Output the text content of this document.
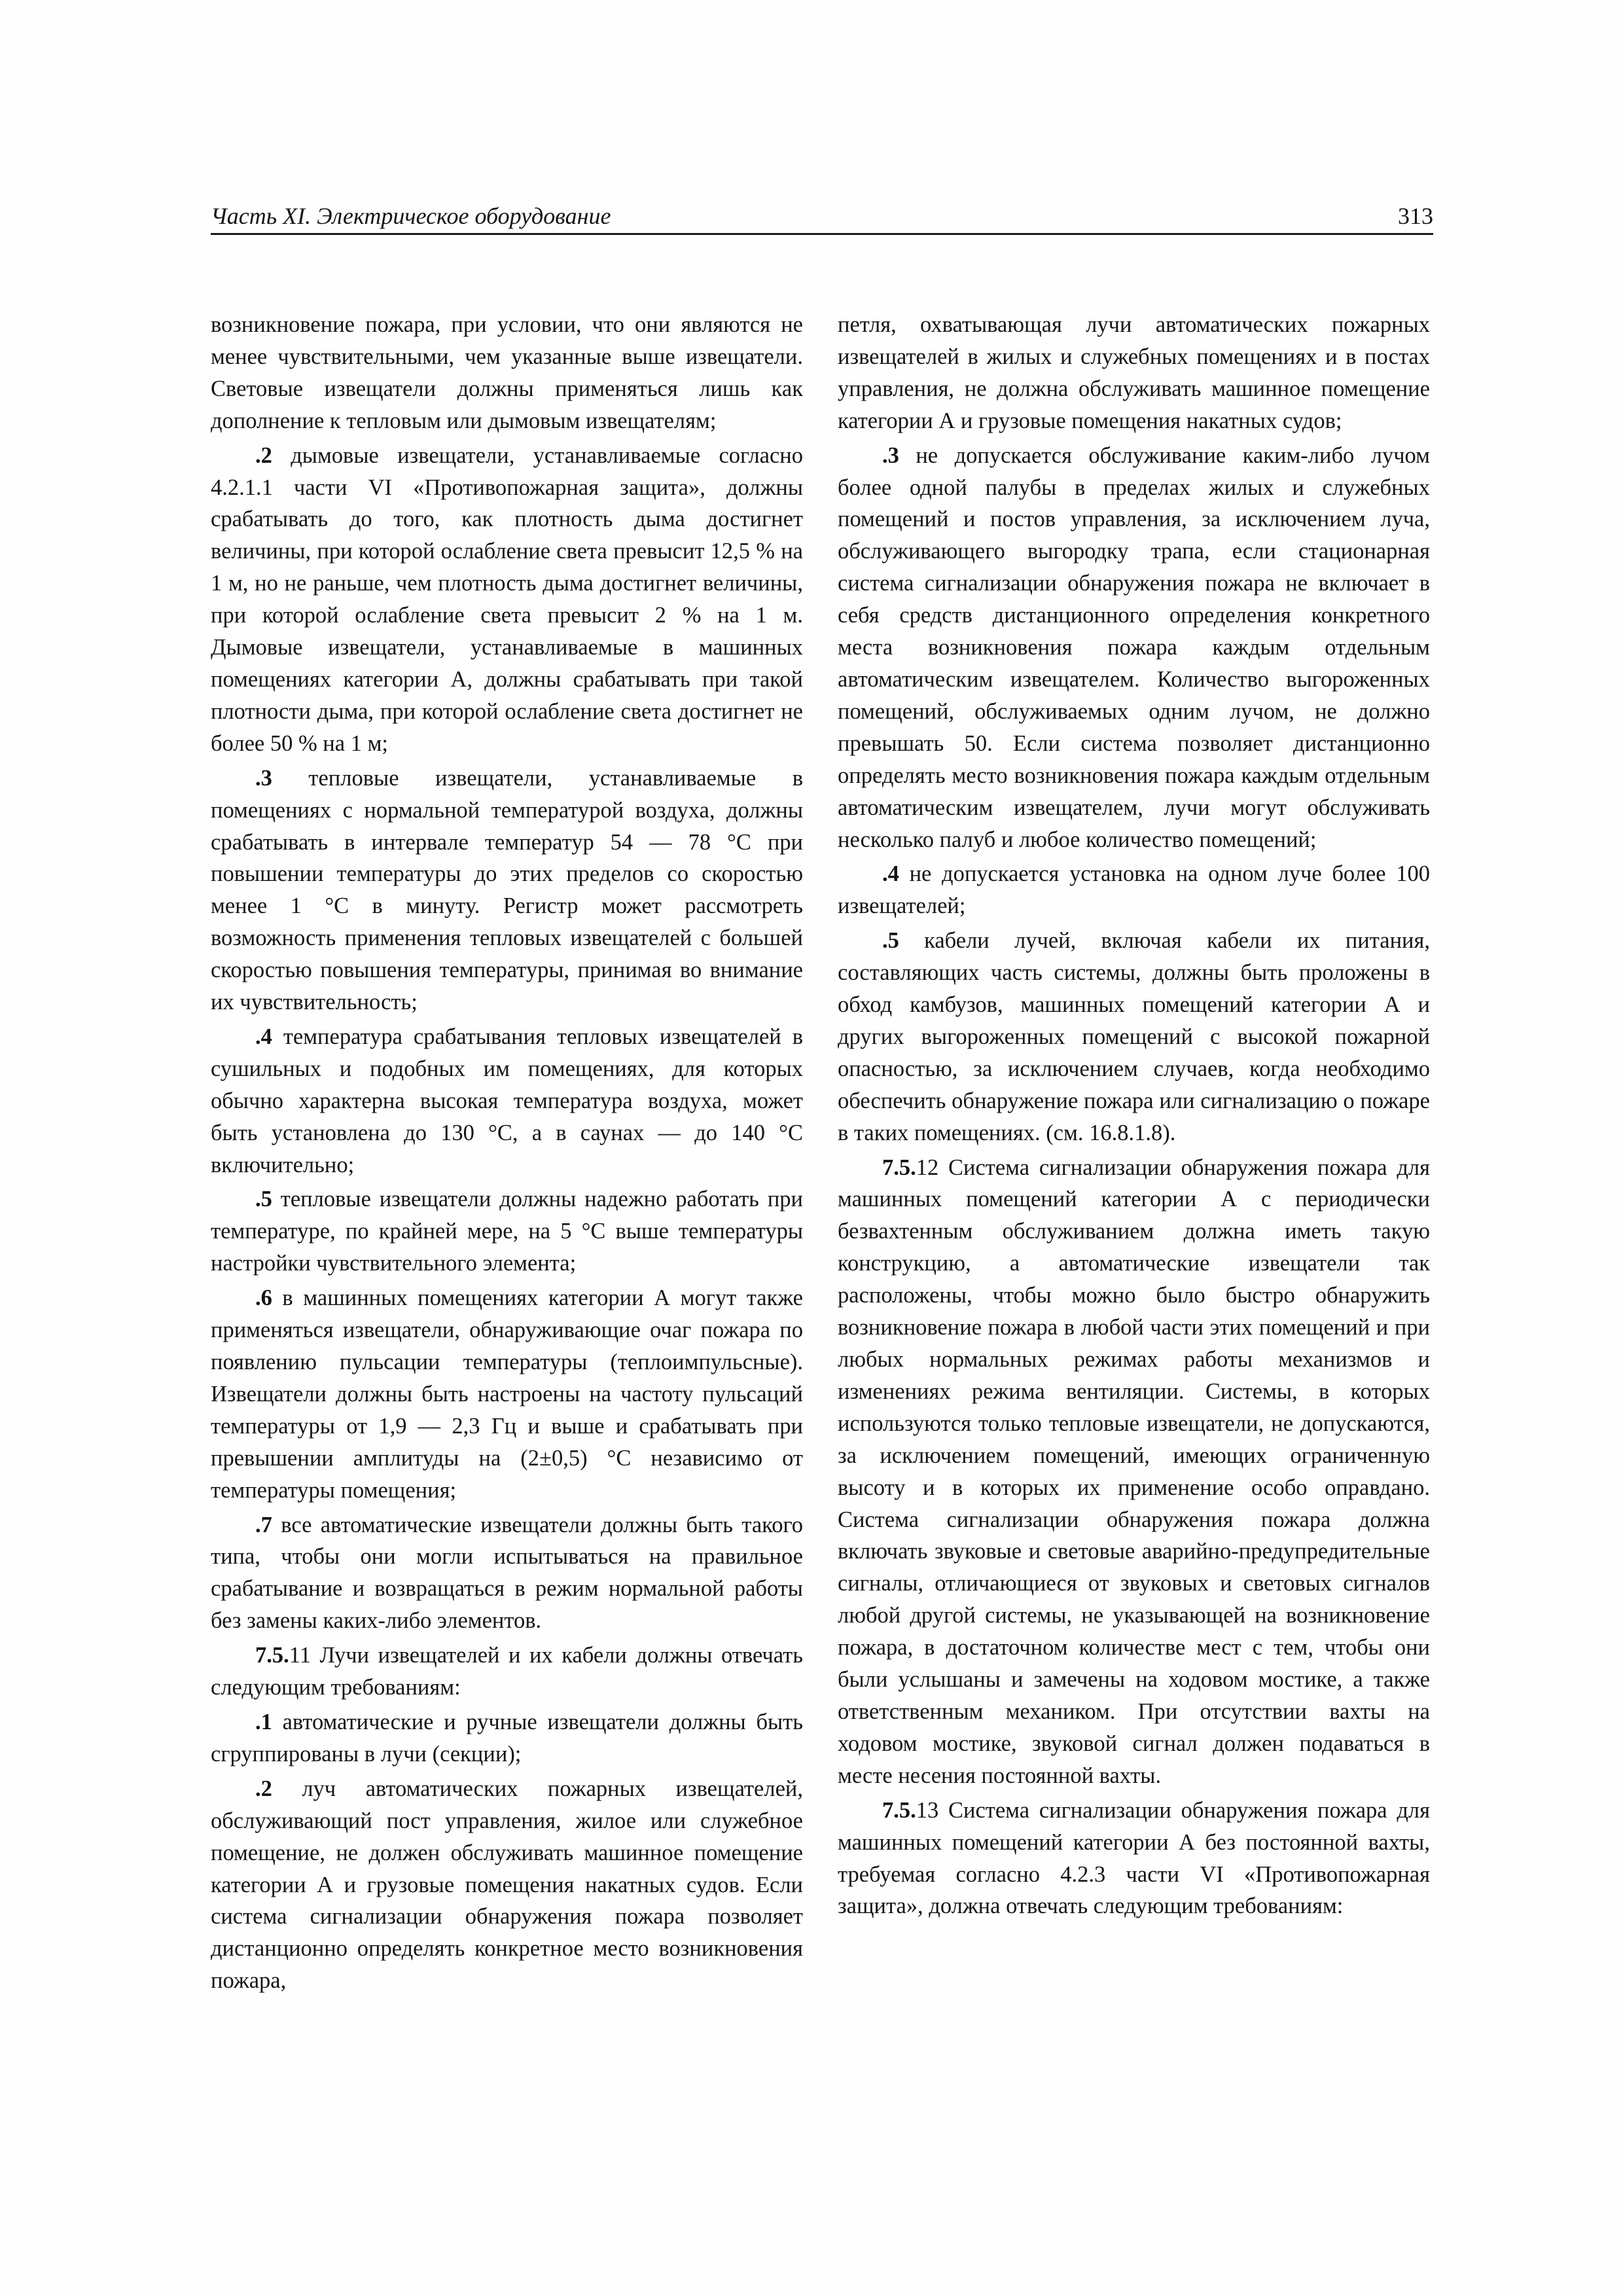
Часть XI. Электрическое оборудование	313

возникновение пожара, при условии, что они являются не менее чувствительными, чем указанные выше извещатели. Световые извещатели должны применяться лишь как дополнение к тепловым или дымовым извещателям;

.2 дымовые извещатели, устанавливаемые согласно 4.2.1.1 части VI «Противопожарная защита», должны срабатывать до того, как плотность дыма достигнет величины, при которой ослабление света превысит 12,5 % на 1 м, но не раньше, чем плотность дыма достигнет величины, при которой ослабление света превысит 2 % на 1 м. Дымовые извещатели, устанавливаемые в машинных помещениях категории А, должны срабатывать при такой плотности дыма, при которой ослабление света достигнет не более 50 % на 1 м;

.3 тепловые извещатели, устанавливаемые в помещениях с нормальной температурой воздуха, должны срабатывать в интервале температур 54 — 78 °С при повышении температуры до этих пределов со скоростью менее 1 °С в минуту. Регистр может рассмотреть возможность применения тепловых извещателей с большей скоростью повышения температуры, принимая во внимание их чувствительность;

.4 температура срабатывания тепловых извещателей в сушильных и подобных им помещениях, для которых обычно характерна высокая температура воздуха, может быть установлена до 130 °С, а в саунах — до 140 °С включительно;

.5 тепловые извещатели должны надежно работать при температуре, по крайней мере, на 5 °С выше температуры настройки чувствительного элемента;

.6 в машинных помещениях категории А могут также применяться извещатели, обнаруживающие очаг пожара по появлению пульсации температуры (теплоимпульсные). Извещатели должны быть настроены на частоту пульсаций температуры от 1,9 — 2,3 Гц и выше и срабатывать при превышении амплитуды на (2±0,5) °С независимо от температуры помещения;

.7 все автоматические извещатели должны быть такого типа, чтобы они могли испытываться на правильное срабатывание и возвращаться в режим нормальной работы без замены каких-либо элементов.

7.5.11 Лучи извещателей и их кабели должны отвечать следующим требованиям:

.1 автоматические и ручные извещатели должны быть сгруппированы в лучи (секции);

.2 луч автоматических пожарных извещателей, обслуживающий пост управления, жилое или служебное помещение, не должен обслуживать машинное помещение категории А и грузовые помещения накатных судов. Если система сигнализации обнаружения пожара позволяет дистанционно определять конкретное место возникновения пожара,

петля, охватывающая лучи автоматических пожарных извещателей в жилых и служебных помещениях и в постах управления, не должна обслуживать машинное помещение категории А и грузовые помещения накатных судов;

.3 не допускается обслуживание каким-либо лучом более одной палубы в пределах жилых и служебных помещений и постов управления, за исключением луча, обслуживающего выгородку трапа, если стационарная система сигнализации обнаружения пожара не включает в себя средств дистанционного определения конкретного места возникновения пожара каждым отдельным автоматическим извещателем. Количество выгороженных помещений, обслуживаемых одним лучом, не должно превышать 50. Если система позволяет дистанционно определять место возникновения пожара каждым отдельным автоматическим извещателем, лучи могут обслуживать несколько палуб и любое количество помещений;

.4 не допускается установка на одном луче более 100 извещателей;

.5 кабели лучей, включая кабели их питания, составляющих часть системы, должны быть проложены в обход камбузов, машинных помещений категории А и других выгороженных помещений с высокой пожарной опасностью, за исключением случаев, когда необходимо обеспечить обнаружение пожара или сигнализацию о пожаре в таких помещениях. (см. 16.8.1.8).

7.5.12 Система сигнализации обнаружения пожара для машинных помещений категории А с периодически безвахтенным обслуживанием должна иметь такую конструкцию, а автоматические извещатели так расположены, чтобы можно было быстро обнаружить возникновение пожара в любой части этих помещений и при любых нормальных режимах работы механизмов и изменениях режима вентиляции. Системы, в которых используются только тепловые извещатели, не допускаются, за исключением помещений, имеющих ограниченную высоту и в которых их применение особо оправдано. Система сигнализации обнаружения пожара должна включать звуковые и световые аварийно-предупредительные сигналы, отличающиеся от звуковых и световых сигналов любой другой системы, не указывающей на возникновение пожара, в достаточном количестве мест с тем, чтобы они были услышаны и замечены на ходовом мостике, а также ответственным механиком. При отсутствии вахты на ходовом мостике, звуковой сигнал должен подаваться в месте несения постоянной вахты.

7.5.13 Система сигнализации обнаружения пожара для машинных помещений категории А без постоянной вахты, требуемая согласно 4.2.3 части VI «Противопожарная защита», должна отвечать следующим требованиям:
